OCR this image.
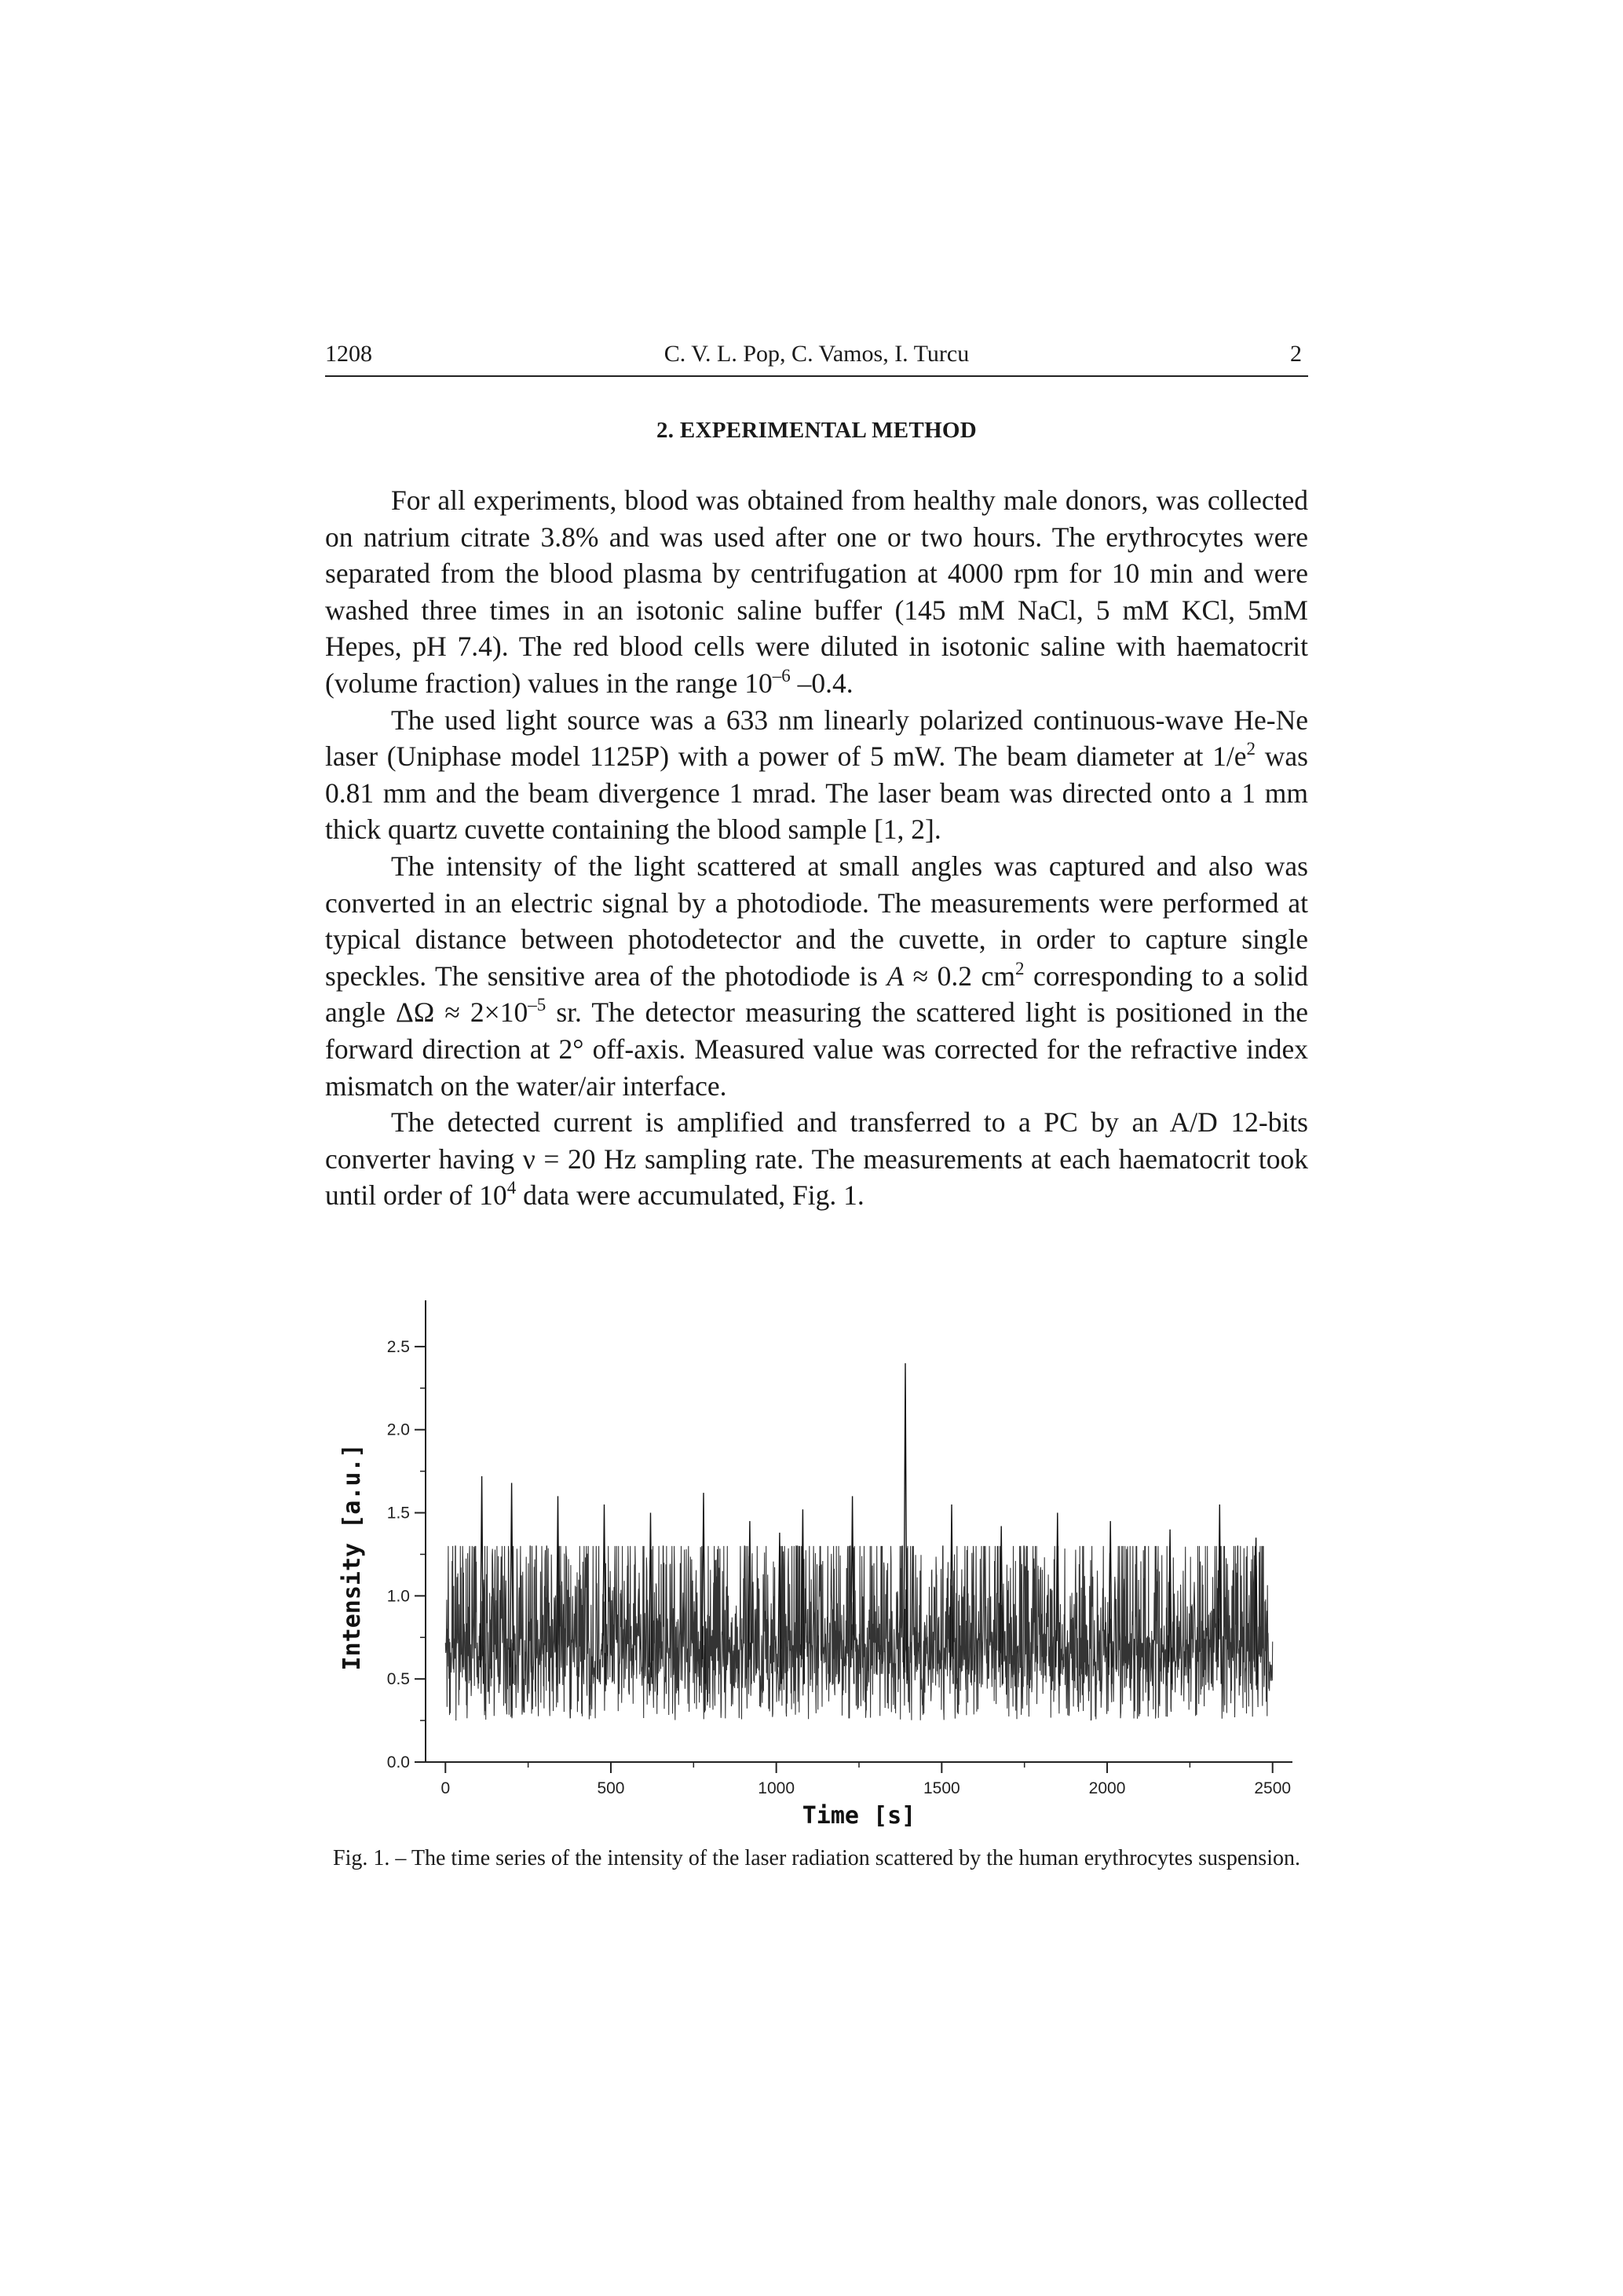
1208	C. V. L. Pop, C. Vamos, I. Turcu	2
2. EXPERIMENTAL METHOD

For all experiments, blood was obtained from healthy male donors, was collected on natrium citrate 3.8% and was used after one or two hours. The erythrocytes were separated from the blood plasma by centrifugation at 4000 rpm for 10 min and were washed three times in an isotonic saline buffer (145 mM NaCl, 5 mM KCl, 5mM Hepes, pH 7.4). The red blood cells were diluted in isotonic saline with haematocrit (volume fraction) values in the range $10^{-6}$ –0.4.

The used light source was a 633 nm linearly polarized continuous-wave He-Ne laser (Uniphase model 1125P) with a power of 5 mW. The beam diameter at $1/e^2$ was 0.81 mm and the beam divergence 1 mrad. The laser beam was directed onto a 1 mm thick quartz cuvette containing the blood sample [1, 2].

The intensity of the light scattered at small angles was captured and also was converted in an electric signal by a photodiode. The measurements were performed at typical distance between photodetector and the cuvette, in order to capture single speckles. The sensitive area of the photodiode is A ≈ 0.2 $cm^2$ corresponding to a solid angle $\Delta\Omega \approx 2\times 10^{-5}$ sr. The detector measuring the scattered light is positioned in the forward direction at 2° off-axis. Measured value was corrected for the refractive index mismatch on the water/air interface.

The detected current is amplified and transferred to a PC by an A/D 12-bits converter having ν = 20 Hz sampling rate. The measurements at each haematocrit took until order of $10^4$ data were accumulated, Fig. 1.

0.0
0.5
1.0
1.5
2.0
2.5
0	500	1000	1500	2000	2500
Time [s]
Intensity [a.u.]
Fig. 1. – The time series of the intensity of the laser radiation scattered by the human erythrocytes suspension.
